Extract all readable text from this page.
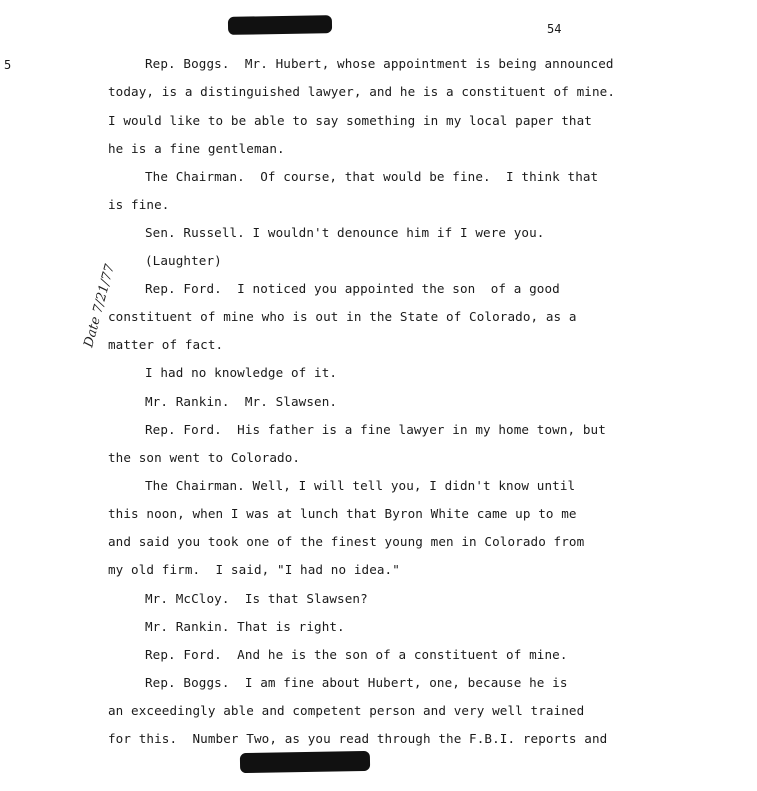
54
5
Date 7/21/77
Rep. Boggs.  Mr. Hubert, whose appointment is being announced
today, is a distinguished lawyer, and he is a constituent of mine.
I would like to be able to say something in my local paper that
he is a fine gentleman.
The Chairman.  Of course, that would be fine.  I think that
is fine.
Sen. Russell. I wouldn't denounce him if I were you.
(Laughter)
Rep. Ford.  I noticed you appointed the son  of a good
constituent of mine who is out in the State of Colorado, as a
matter of fact.
I had no knowledge of it.
Mr. Rankin.  Mr. Slawsen.
Rep. Ford.  His father is a fine lawyer in my home town, but
the son went to Colorado.
The Chairman. Well, I will tell you, I didn't know until
this noon, when I was at lunch that Byron White came up to me
and said you took one of the finest young men in Colorado from
my old firm.  I said, "I had no idea."
Mr. McCloy.  Is that Slawsen?
Mr. Rankin. That is right.
Rep. Ford.  And he is the son of a constituent of mine.
Rep. Boggs.  I am fine about Hubert, one, because he is
an exceedingly able and competent person and very well trained
for this.  Number Two, as you read through the F.B.I. reports and
